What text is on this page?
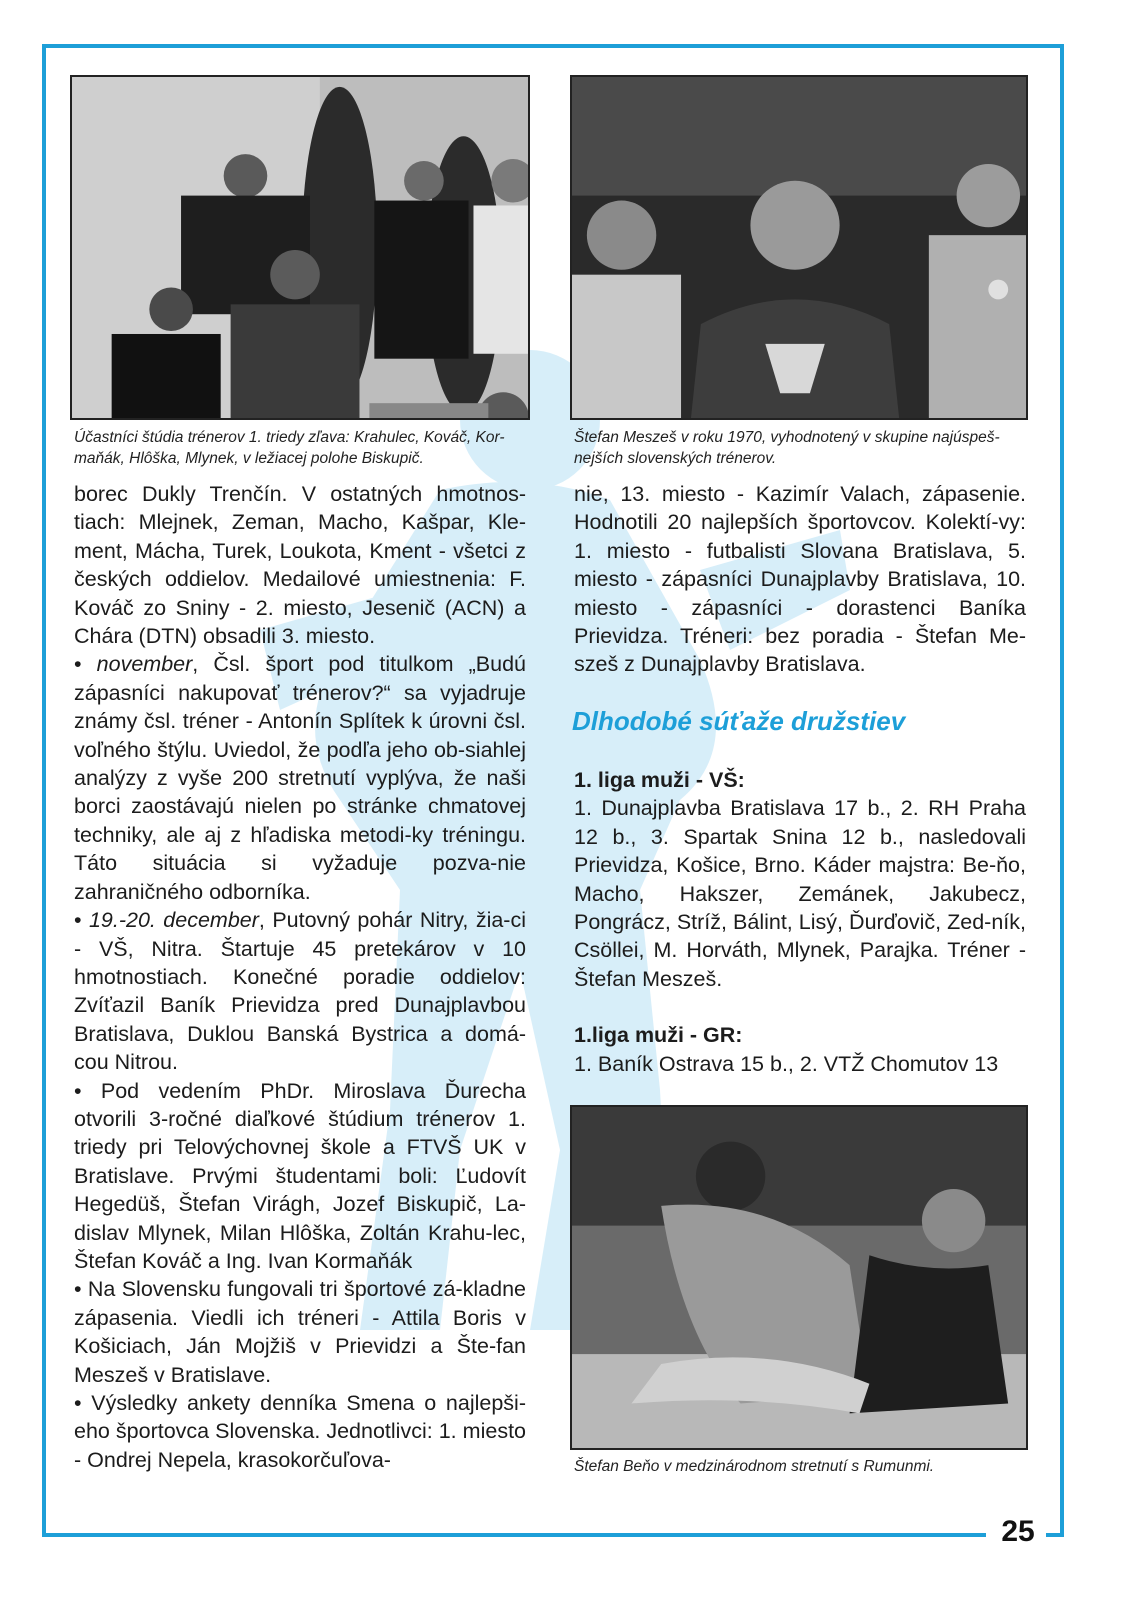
25
Účastníci štúdia trénerov 1. triedy zľava: Krahulec, Kováč, Kor-maňák, Hlôška, Mlynek, v ležiacej polohe Biskupič.
Štefan Meszeš v roku 1970, vyhodnotený v skupine najúspeš-nejších slovenských trénerov.
Štefan Beňo v medzinárodnom stretnutí s Rumunmi.

borec Dukly Trenčín. V ostatných hmotnos-tiach: Mlejnek, Zeman, Macho, Kašpar, Kle-ment, Mácha, Turek, Loukota, Kment - všetci z českých oddielov. Medailové umiestnenia: F. Kováč zo Sniny - 2. miesto, Jesenič (ACN) a Chára (DTN) obsadili 3. miesto.

• november, Čsl. šport pod titulkom „Budú zápasníci nakupovať trénerov?“ sa vyjadruje známy čsl. tréner - Antonín Splítek k úrovni čsl. voľného štýlu. Uviedol, že podľa jeho ob-siahlej analýzy z vyše 200 stretnutí vyplýva, že naši borci zaostávajú nielen po stránke chmatovej techniky, ale aj z hľadiska metodi-ky tréningu. Táto situácia si vyžaduje pozva-nie zahraničného odborníka.

• 19.-20. december, Putovný pohár Nitry, žia-ci - VŠ, Nitra. Štartuje 45 pretekárov v 10 hmotnostiach. Konečné poradie oddielov: Zvíťazil Baník Prievidza pred Dunajplavbou Bratislava, Duklou Banská Bystrica a domá-cou Nitrou.

• Pod vedením PhDr. Miroslava Ďurecha otvorili 3-ročné diaľkové štúdium trénerov 1. triedy pri Telovýchovnej škole a FTVŠ UK v Bratislave. Prvými študentami boli: Ľudovít Hegedüš, Štefan Virágh, Jozef Biskupič, La-dislav Mlynek, Milan Hlôška, Zoltán Krahu-lec, Štefan Kováč a Ing. Ivan Kormaňák

• Na Slovensku fungovali tri športové zá-kladne zápasenia. Viedli ich tréneri - Attila Boris v Košiciach, Ján Mojžiš v Prievidzi a Šte-fan Meszeš v Bratislave.

• Výsledky ankety denníka Smena o najlepši-eho športovca Slovenska. Jednotlivci: 1. miesto - Ondrej Nepela, krasokorčuľova-

nie, 13. miesto - Kazimír Valach, zápasenie. Hodnotili 20 najlepších športovcov. Kolektí-vy: 1. miesto - futbalisti Slovana Bratislava, 5. miesto - zápasníci Dunajplavby Bratislava, 10. miesto - zápasníci - dorastenci Baníka Prievidza. Tréneri: bez poradia - Štefan Me-szeš z Dunajplavby Bratislava.

Dlhodobé súťaže družstiev

1. liga muži - VŠ:

1. Dunajplavba Bratislava 17 b., 2. RH Praha 12 b., 3. Spartak Snina 12 b., nasledovali Prievidza, Košice, Brno. Káder majstra: Be-ňo, Macho, Hakszer, Zemánek, Jakubecz, Pongrácz, Stríž, Bálint, Lisý, Ďurďovič, Zed-ník, Csöllei, M. Horváth, Mlynek, Parajka. Tréner - Štefan Meszeš.

1.liga muži - GR:

1. Baník Ostrava 15 b., 2. VTŽ Chomutov 13
